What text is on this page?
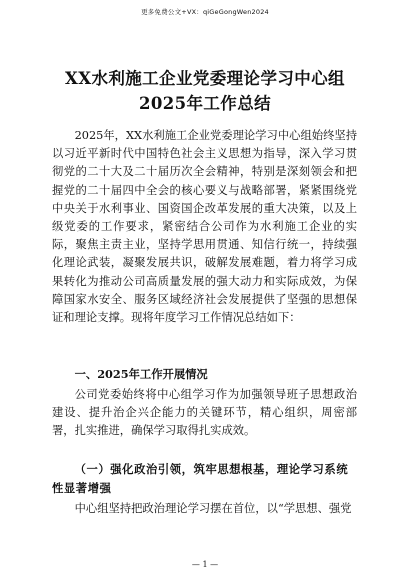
更多免费公文+VX：qiGeGongWen2024
XX水利施工企业党委理论学习中心组
2025年工作总结

2025年，XX水利施工企业党委理论学习中心组始终坚持以习近平新时代中国特色社会主义思想为指导，深入学习贯彻党的二十大及二十届历次全会精神，特别是深刻领会和把握党的二十届四中全会的核心要义与战略部署，紧紧围绕党中央关于水利事业、国资国企改革发展的重大决策，以及上级党委的工作要求，紧密结合公司作为水利施工企业的实际，聚焦主责主业，坚持学思用贯通、知信行统一，持续强化理论武装，凝聚发展共识，破解发展难题，着力将学习成果转化为推动公司高质量发展的强大动力和实际成效，为保障国家水安全、服务区域经济社会发展提供了坚强的思想保证和理论支撑。现将年度学习工作情况总结如下：

一、2025年工作开展情况

公司党委始终将中心组学习作为加强领导班子思想政治建设、提升治企兴企能力的关键环节，精心组织，周密部署，扎实推进，确保学习取得扎实成效。

（一）强化政治引领，筑牢思想根基，理论学习系统性显著增强

中心组坚持把政治理论学习摆在首位，以“学思想、强党

— 1 —
